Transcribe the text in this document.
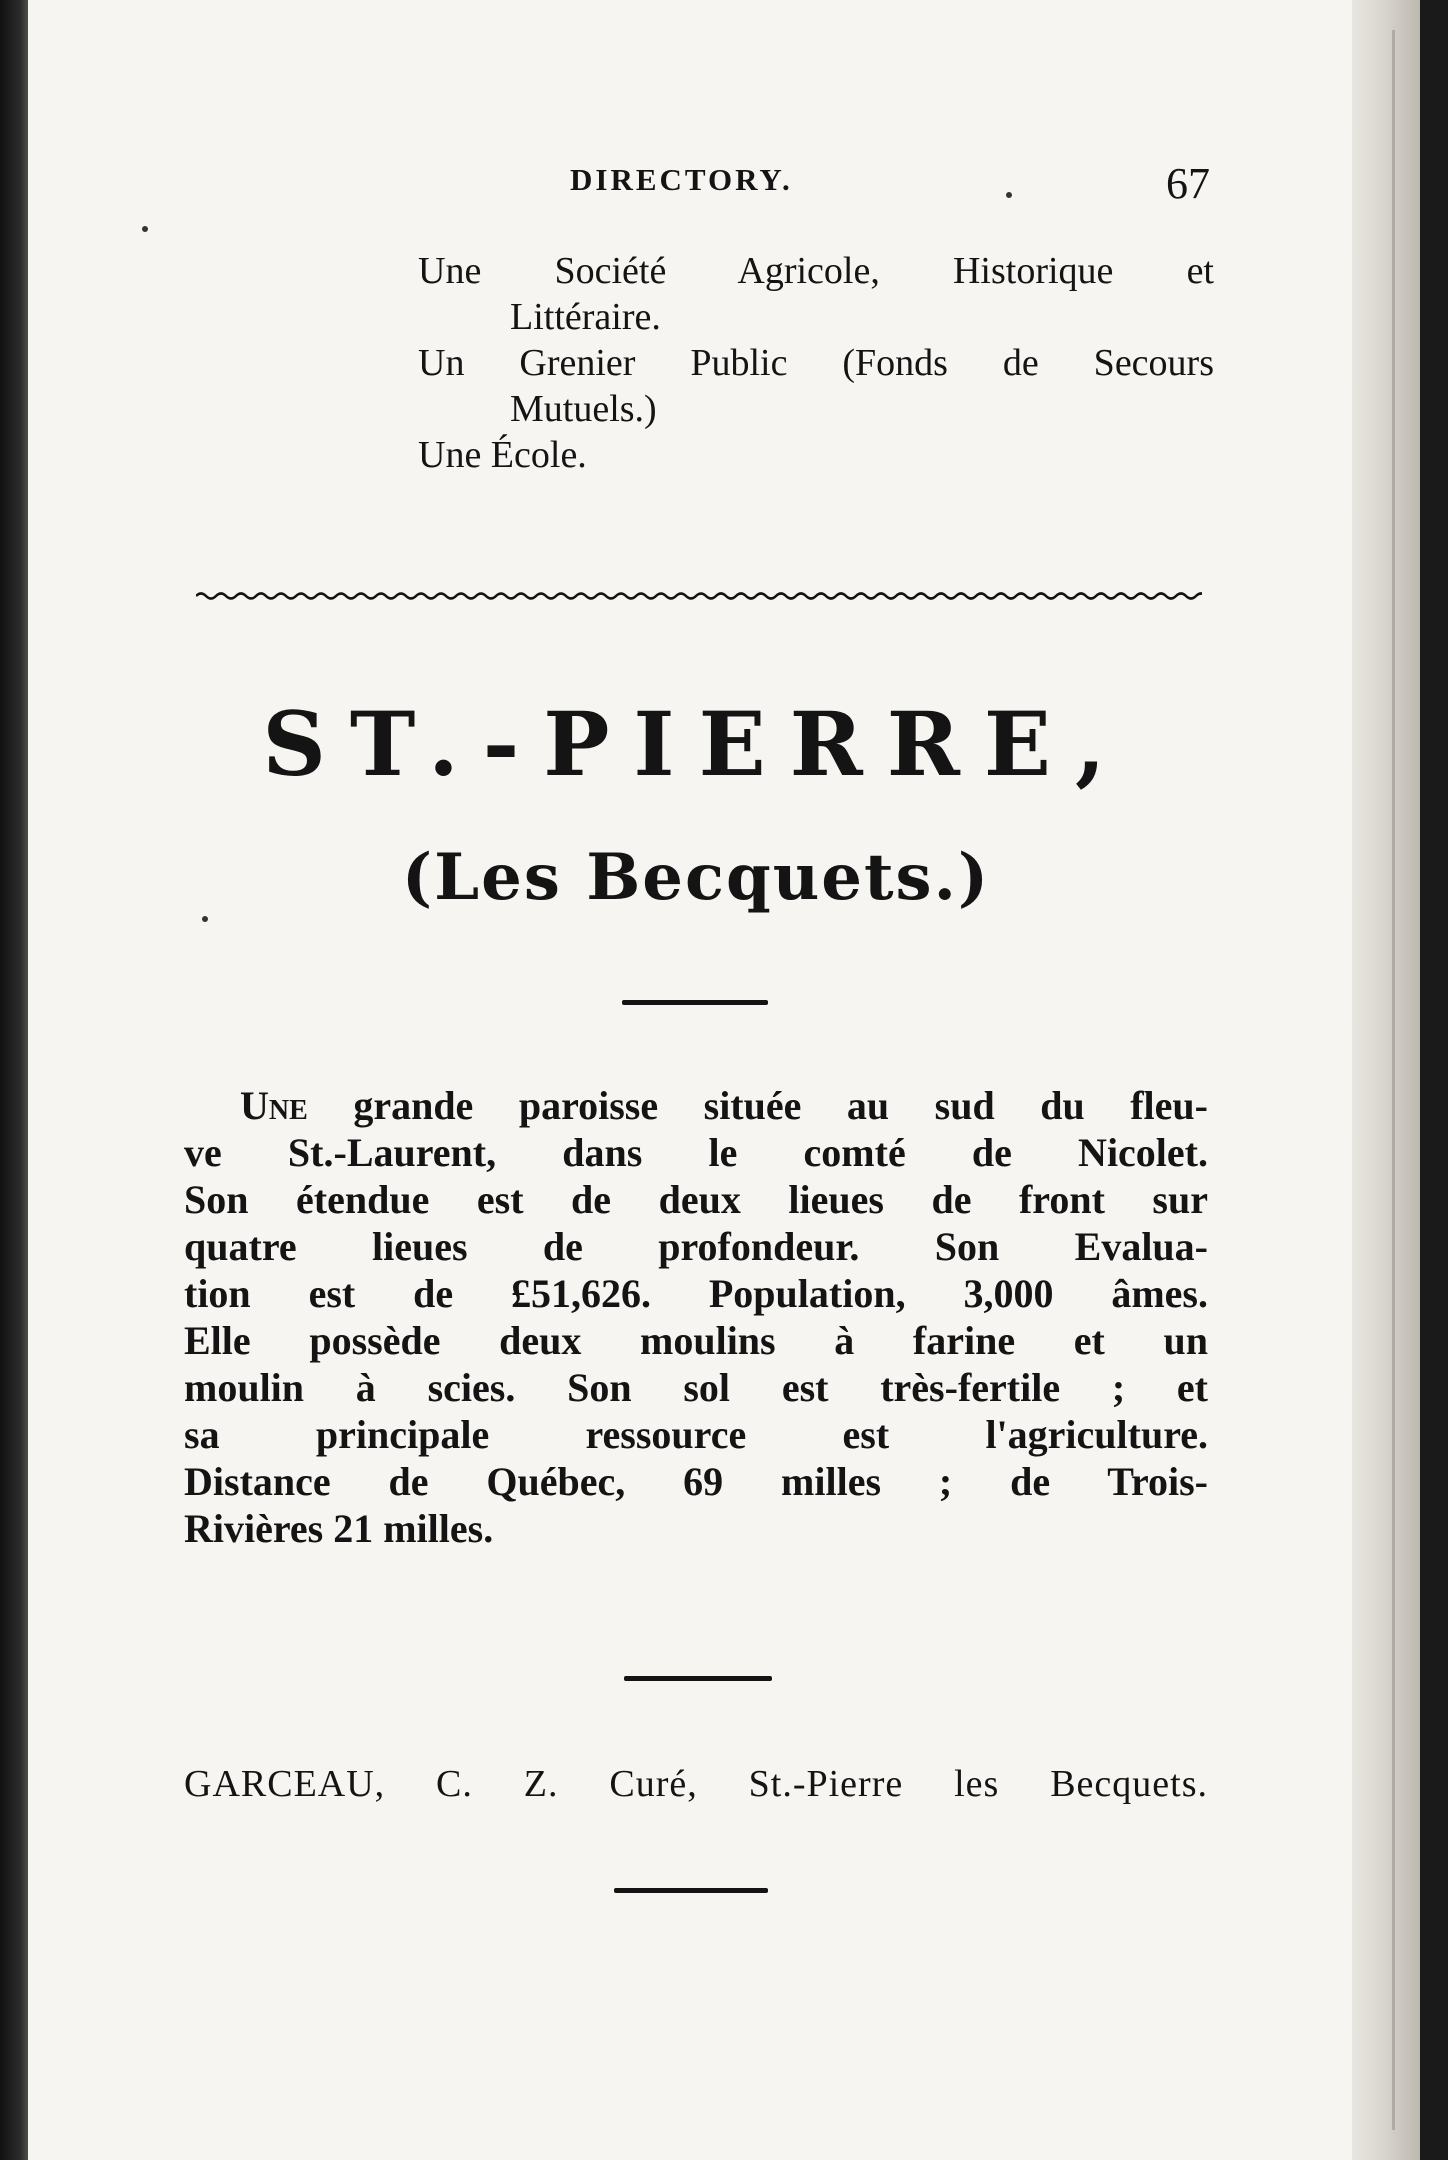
DIRECTORY.	67
Une Société Agricole, Historique et
Littéraire.
Un Grenier Public (Fonds de Secours
Mutuels.)
Une École.
ST.-PIERRE,
(Les Becquets.)
Une grande paroisse située au sud du fleu-
ve St.-Laurent, dans le comté de Nicolet.
Son étendue est de deux lieues de front sur
quatre lieues de profondeur. Son Evalua-
tion est de £51,626. Population, 3,000 âmes.
Elle possède deux moulins à farine et un
moulin à scies. Son sol est très-fertile ; et
sa principale ressource est l'agriculture.
Distance de Québec, 69 milles ; de Trois-
Rivières 21 milles.
GARCEAU, C. Z. Curé, St.-Pierre les Becquets.
